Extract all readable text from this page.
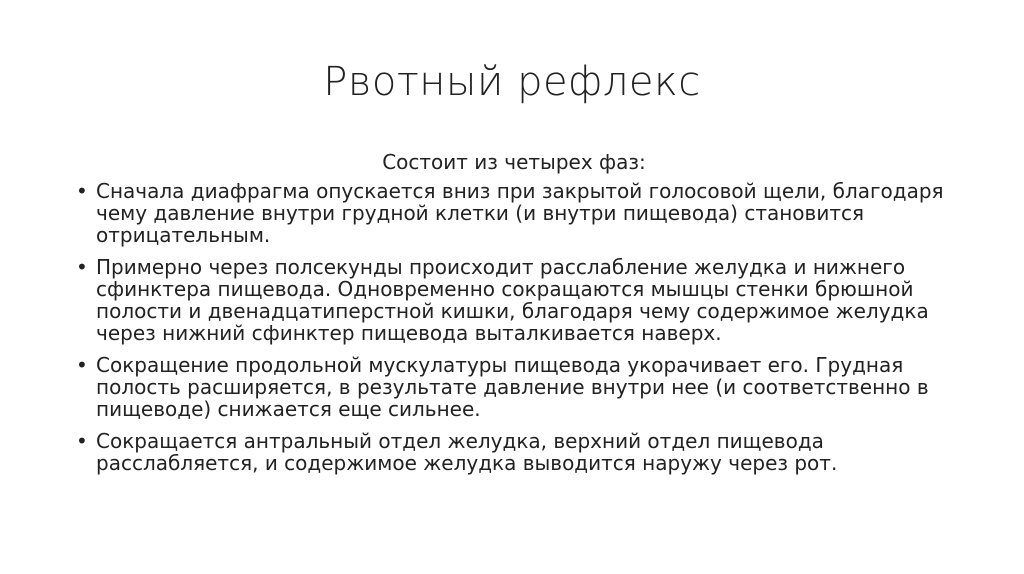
Рвотный рефлекс

Состоит из четырех фаз:

• Сначала диафрагма опускается вниз при закрытой голосовой щели, благодаря чему давление внутри грудной клетки (и внутри пищевода) становится отрицательным.
• Примерно через полсекунды происходит расслабление желудка и нижнего сфинктера пищевода. Одновременно сокращаются мышцы стенки брюшной полости и двенадцатиперстной кишки, благодаря чему содержимое желудка через нижний сфинктер пищевода выталкивается наверх.
• Сокращение продольной мускулатуры пищевода укорачивает его. Грудная полость расширяется, в результате давление внутри нее (и соответственно в пищеводе) снижается еще сильнее.
• Сокращается антральный отдел желудка, верхний отдел пищевода расслабляется, и содержимое желудка выводится наружу через рот.
